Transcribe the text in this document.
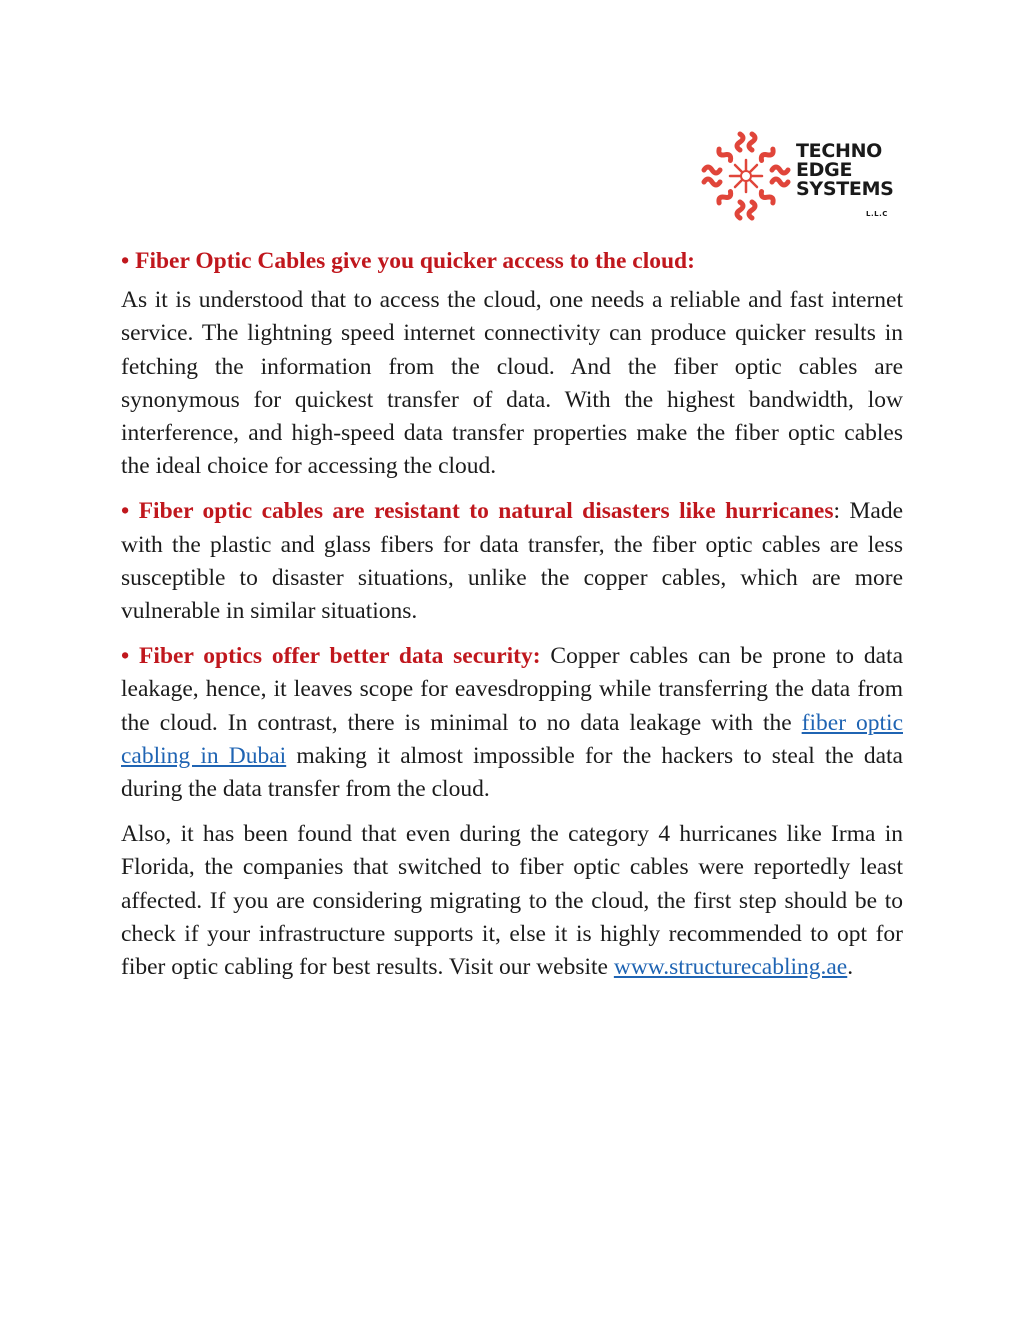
TECHNO
EDGE
SYSTEMS
L.L.C

• Fiber Optic Cables give you quicker access to the cloud:

As it is understood that to access the cloud, one needs a reliable and fast internet service. The lightning speed internet connectivity can produce quicker results in fetching the information from the cloud. And the fiber optic cables are synonymous for quickest transfer of data. With the highest bandwidth, low interference, and high-speed data transfer properties make the fiber optic cables the ideal choice for accessing the cloud.

• Fiber optic cables are resistant to natural disasters like hurricanes: Made with the plastic and glass fibers for data transfer, the fiber optic cables are less susceptible to disaster situations, unlike the copper cables, which are more vulnerable in similar situations.

• Fiber optics offer better data security: Copper cables can be prone to data leakage, hence, it leaves scope for eavesdropping while transferring the data from the cloud. In contrast, there is minimal to no data leakage with the fiber optic cabling in Dubai making it almost impossible for the hackers to steal the data during the data transfer from the cloud.

Also, it has been found that even during the category 4 hurricanes like Irma in Florida, the companies that switched to fiber optic cables were reportedly least affected. If you are considering migrating to the cloud, the first step should be to check if your infrastructure supports it, else it is highly recommended to opt for fiber optic cabling for best results. Visit our website www.structurecabling.ae.
